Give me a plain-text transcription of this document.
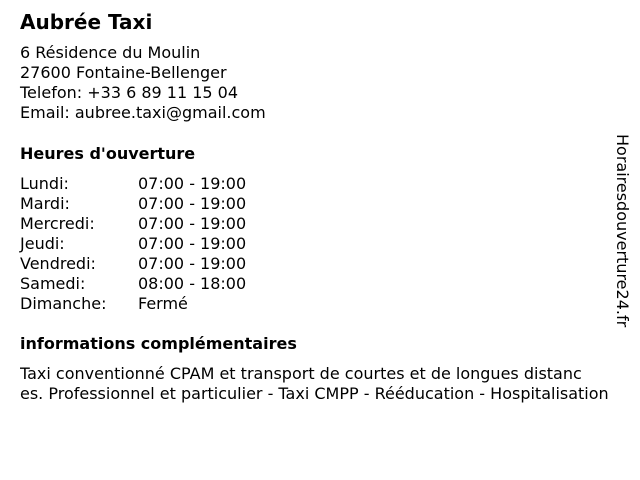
Aubrée Taxi
6 Résidence du Moulin
27600 Fontaine-Bellenger
Telefon: +33 6 89 11 15 04
Email: aubree.taxi@gmail.com
Heures d'ouverture
Lundi:	07:00 - 19:00
Mardi:	07:00 - 19:00
Mercredi:	07:00 - 19:00
Jeudi:	07:00 - 19:00
Vendredi:	07:00 - 19:00
Samedi:	08:00 - 18:00
Dimanche: Fermé
informations complémentaires
Taxi conventionné CPAM et transport de courtes et de longues distanc
es. Professionnel et particulier - Taxi CMPP - Rééducation - Hospitalisation
Horairesdouverture24.fr
